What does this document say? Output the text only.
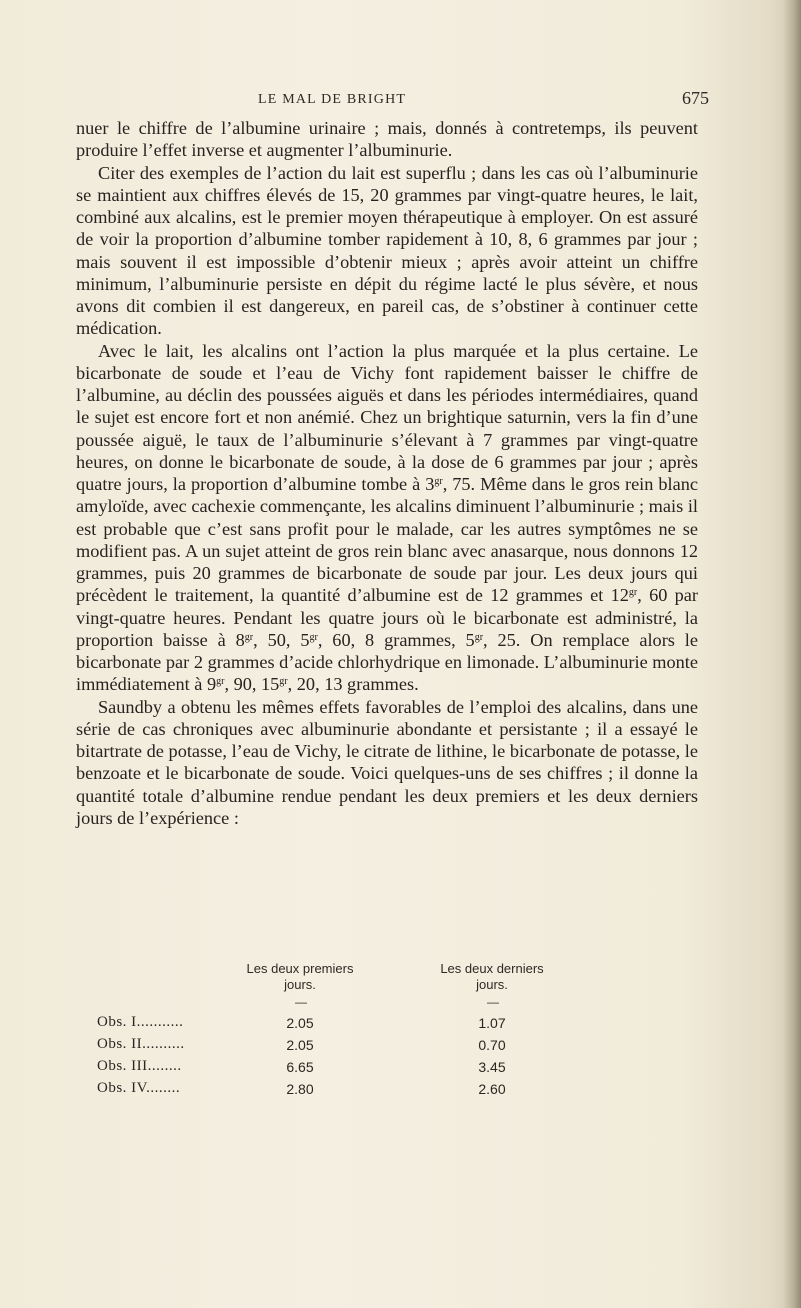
LE MAL DE BRIGHT	675

nuer le chiffre de l’albumine urinaire ; mais, donnés à contretemps, ils peuvent produire l’effet inverse et augmenter l’albuminurie.

Citer des exemples de l’action du lait est superflu ; dans les cas où l’albuminurie se maintient aux chiffres élevés de 15, 20 grammes par vingt-quatre heures, le lait, combiné aux alcalins, est le premier moyen thérapeutique à employer. On est assuré de voir la proportion d’albumine tomber rapidement à 10, 8, 6 grammes par jour ; mais souvent il est impossible d’obtenir mieux ; après avoir atteint un chiffre minimum, l’albuminurie persiste en dépit du régime lacté le plus sévère, et nous avons dit combien il est dangereux, en pareil cas, de s’obstiner à continuer cette médication.

Avec le lait, les alcalins ont l’action la plus marquée et la plus certaine. Le bicarbonate de soude et l’eau de Vichy font rapidement baisser le chiffre de l’albumine, au déclin des poussées aiguës et dans les périodes intermédiaires, quand le sujet est encore fort et non anémié. Chez un brightique saturnin, vers la fin d’une poussée aiguë, le taux de l’albuminurie s’élevant à 7 grammes par vingt-quatre heures, on donne le bicarbonate de soude, à la dose de 6 grammes par jour ; après quatre jours, la proportion d’albumine tombe à $3^{gr}$, 75. Même dans le gros rein blanc amyloïde, avec cachexie commençante, les alcalins diminuent l’albuminurie ; mais il est probable que c’est sans profit pour le malade, car les autres symptômes ne se modifient pas. A un sujet atteint de gros rein blanc avec anasarque, nous donnons 12 grammes, puis 20 grammes de bicarbonate de soude par jour. Les deux jours qui précèdent le traitement, la quantité d’albumine est de 12 grammes et $12^{gr}$, 60 par vingt-quatre heures. Pendant les quatre jours où le bicarbonate est administré, la proportion baisse à $8^{gr}$, 50, $5^{gr}$, 60, 8 grammes, $5^{gr}$, 25. On remplace alors le bicarbonate par 2 grammes d’acide chlorhydrique en limonade. L’albuminurie monte immédiatement à $9^{gr}$, 90, $15^{gr}$, 20, 13 grammes.

Saundby a obtenu les mêmes effets favorables de l’emploi des alcalins, dans une série de cas chroniques avec albuminurie abondante et persistante ; il a essayé le bitartrate de potasse, l’eau de Vichy, le citrate de lithine, le bicarbonate de potasse, le benzoate et le bicarbonate de soude. Voici quelques-uns de ses chiffres ; il donne la quantité totale d’albumine rendue pendant les deux premiers et les deux derniers jours de l’expérience :

Les deux premiers
jours.
Les deux derniers
jours.
—	—
Obs. I...........	2.05	1.07
Obs. II..........	2.05	0.70
Obs. III........	6.65	3.45
Obs. IV........	2.80	2.60
